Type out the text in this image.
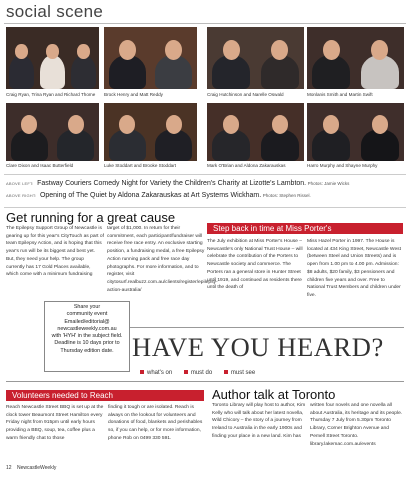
social scene
Craig Ryan, Trina Ryan and Richard Thome Brock Henry and Matt Reddy	Craig Hutchinson and Narelle Oswald	Monlanis Smith and Martin Swift
Clare Dixon and Isaac Butterfield	Luke Stoddart and Brooke Stoddart	Mark O'Brian and Aldona Zakarauskas	Harro Murphy and Shayne Murphy
ABOVE LEFT: Fastway Couriers Comedy Night for Variety the Children's Charity at Lizotte's Lambton. Photos: Jamie Wicks
ABOVE RIGHT: Opening of The Quiet by Aldona Zakarauskas at Art Systems Wickham. Photos: Stephen Rissel.
Get running for a great cause
The Epilepsy Support Group of Newcastle is gearing up for this year's CityTouch as part of team Epilepsy Action, and is hoping that this year's run will be its biggest and best yet. But, they need your help. The group currently has 17 Gold Places available, which come with a minimum fundraising
target of $1,000. In return for their commitment, each participant/fundraiser will receive free race entry. An exclusive starting position, a fundraising medal, a free Epilepsy Action running pack and free race day photographs. For more information, and to register, visit citytosurf.realbuzz.com.au/clients/register/epilepsy-action-australia/
Step back in time at Miss Porter's
The July exhibition at Miss Porter's House – Newcastle's only National Trust House – will celebrate the contribution of the Porters to Newcastle society and commerce. The Porters ran a general store in Hunter Street until 1919, and continued as residents there until the death of
Miss Hazel Porter in 1997. The House is located at 434 King Street, Newcastle West (between Steel and Union Streets) and is open from 1.00 pm to 4.00 pm. Admission: $8 adults, $20 family, $3 pensioners and children five years and over. Free to National Trust Members and children under five.
Share your
community event Emailed/editorial@
newcastleweekly.com.au
with 'HYH' in the subject field.
Deadline is 10 days prior to
Thursday edition date. HAVE YOU HEARD?
what's on	must do	must see
Volunteers needed to Reach
Reach Newcastle Street BBQ is set up at the clock tower Beaumont Street Hamilton every Friday night from 915pm until early hours providing a BBQ, soup, tea, coffee plus a warm friendly chat to those
finding it tough or are isolated. Reach is always on the lookout for volunteers and donations of food, blankets and perishables so, if you can help, or for more information, phone Rob on 0499 330 591.
Author talk at Toronto
Toronto Library will play host to author, Kim Kelly who will talk about her latest novella, Wild Chicory – the story of a journey from Ireland to Australia in the early 1900s and finding your place in a new land. Kim has
written four novels and one novella all about Australia, its heritage and its people. Thursday 7 July from 5.30pm Toronto Library, Corner Brighton Avenue and Pemell Street Toronto. library.lakemac.com.au/events
12 NewcastleWeekly
